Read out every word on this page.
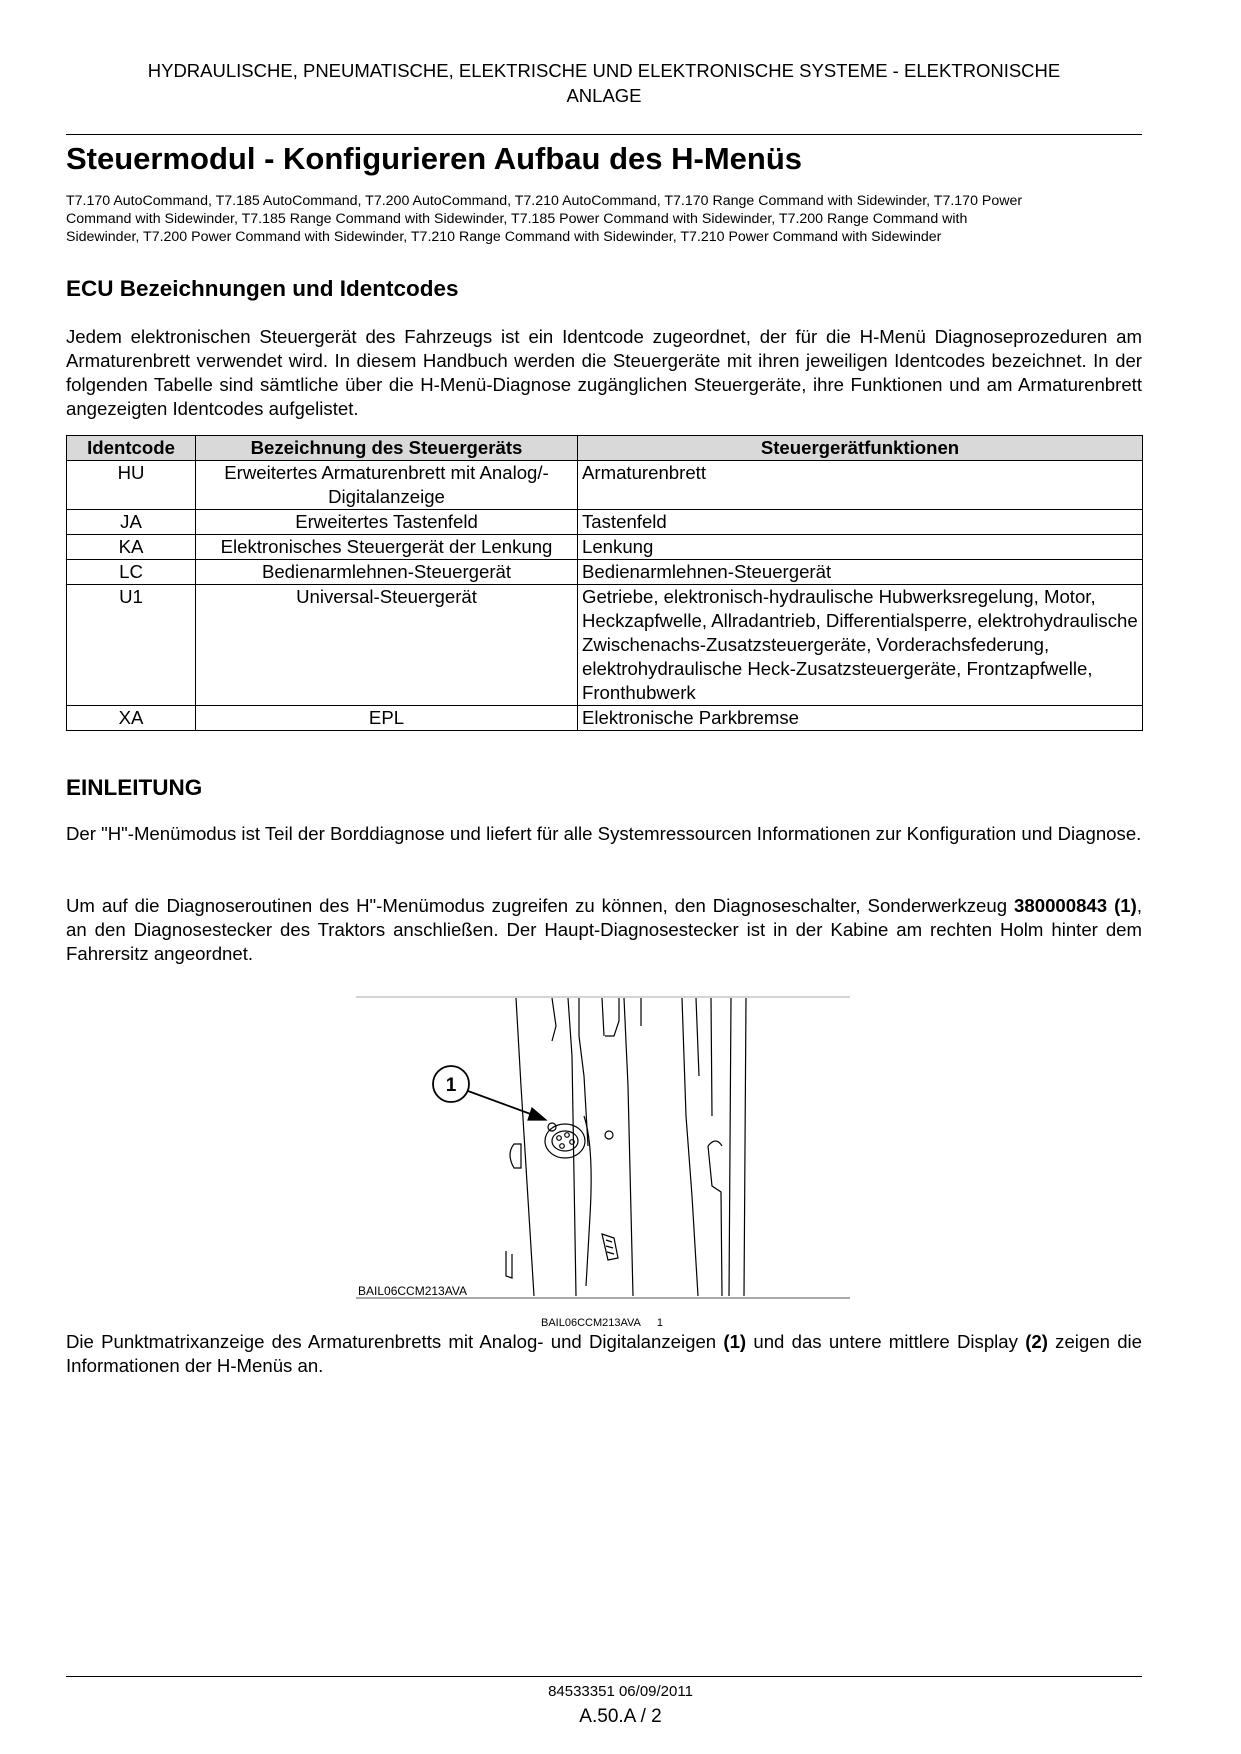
HYDRAULISCHE, PNEUMATISCHE, ELEKTRISCHE UND ELEKTRONISCHE SYSTEME - ELEKTRONISCHE
ANLAGE
Steuermodul - Konfigurieren Aufbau des H-Menüs
T7.170 AutoCommand, T7.185 AutoCommand, T7.200 AutoCommand, T7.210 AutoCommand, T7.170 Range Command with Sidewinder, T7.170 Power
Command with Sidewinder, T7.185 Range Command with Sidewinder, T7.185 Power Command with Sidewinder, T7.200 Range Command with
Sidewinder, T7.200 Power Command with Sidewinder, T7.210 Range Command with Sidewinder, T7.210 Power Command with Sidewinder
ECU Bezeichnungen und Identcodes

Jedem elektronischen Steuergerät des Fahrzeugs ist ein Identcode zugeordnet, der für die H-Menü Diagnoseprozeduren am Armaturenbrett verwendet wird. In diesem Handbuch werden die Steuergeräte mit ihren jeweiligen Identcodes bezeichnet. In der folgenden Tabelle sind sämtliche über die H-Menü-Diagnose zugänglichen Steuergeräte, ihre Funktionen und am Armaturenbrett angezeigten Identcodes aufgelistet.

Identcode	Bezeichnung des Steuergeräts	Steuergerätfunktionen
HU	Erweitertes Armaturenbrett mit Analog/-Digitalanzeige	Armaturenbrett
JA	Erweitertes Tastenfeld	Tastenfeld
KA	Elektronisches Steuergerät der Lenkung	Lenkung
LC	Bedienarmlehnen-Steuergerät	Bedienarmlehnen-Steuergerät
U1	Universal-Steuergerät	Getriebe, elektronisch-hydraulische Hubwerksregelung, Motor, Heckzapfwelle, Allradantrieb, Differentialsperre, elektrohydraulische Zwischenachs-Zusatzsteuergeräte, Vorderachsfederung, elektrohydraulische Heck-Zusatzsteuergeräte, Frontzapfwelle, Fronthubwerk
XA	EPL	Elektronische Parkbremse
EINLEITUNG

Der "H"-Menümodus ist Teil der Borddiagnose und liefert für alle Systemressourcen Informationen zur Konfiguration und Diagnose.

Um auf die Diagnoseroutinen des H"-Menümodus zugreifen zu können, den Diagnoseschalter, Sonderwerkzeug 380000843 (1), an den Diagnosestecker des Traktors anschließen. Der Haupt-Diagnosestecker ist in der Kabine am rechten Holm hinter dem Fahrersitz angeordnet.

1
BAIL06CCM213AVA
BAIL06CCM213AVA 1

Die Punktmatrixanzeige des Armaturenbretts mit Analog- und Digitalanzeigen (1) und das untere mittlere Display (2) zeigen die Informationen der H-Menüs an.

84533351 06/09/2011
A.50.A / 2
